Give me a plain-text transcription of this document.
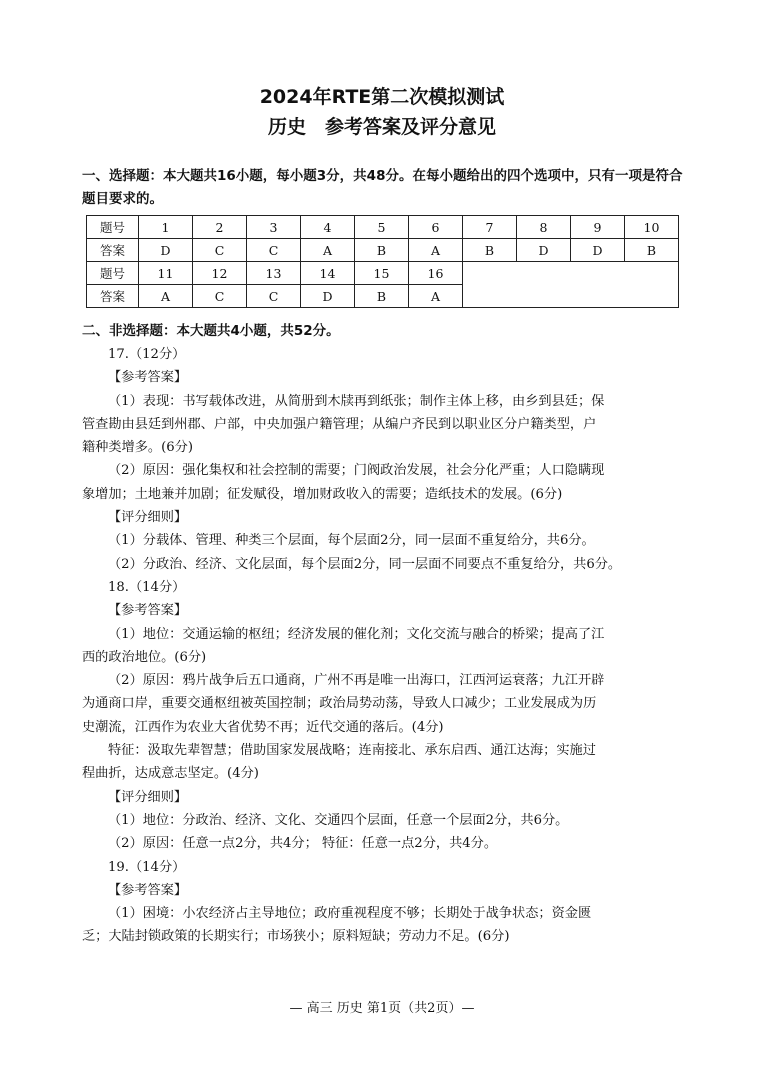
2024年RTE第二次模拟测试
历史　参考答案及评分意见
一、选择题：本大题共16小题，每小题3分，共48分。在每小题给出的四个选项中，只有一项是符合题目要求的。
题号	1	2	3	4	5	6	7	8	9	10
答案	D	C	C	A	B	A	B	D	D	B
题号	11	12	13	14	15	16				
答案	A	C	C	D	B	A				
二、非选择题：本大题共4小题，共52分。
17.（12分）
【参考答案】
（1）表现：书写载体改进，从简册到木牍再到纸张；制作主体上移，由乡到县廷；保
管查勘由县廷到州郡、户部，中央加强户籍管理；从编户齐民到以职业区分户籍类型，户
籍种类增多。(6分)
（2）原因：强化集权和社会控制的需要；门阀政治发展，社会分化严重；人口隐瞒现
象增加；土地兼并加剧；征发赋役，增加财政收入的需要；造纸技术的发展。(6分)
【评分细则】
（1）分载体、管理、种类三个层面，每个层面2分，同一层面不重复给分，共6分。
（2）分政治、经济、文化层面，每个层面2分，同一层面不同要点不重复给分，共6分。
18.（14分）
【参考答案】
（1）地位：交通运输的枢纽；经济发展的催化剂；文化交流与融合的桥梁；提高了江
西的政治地位。(6分)
（2）原因：鸦片战争后五口通商，广州不再是唯一出海口，江西河运衰落；九江开辟
为通商口岸，重要交通枢纽被英国控制；政治局势动荡，导致人口减少；工业发展成为历
史潮流，江西作为农业大省优势不再；近代交通的落后。(4分)
特征：汲取先辈智慧；借助国家发展战略；连南接北、承东启西、通江达海；实施过
程曲折，达成意志坚定。(4分)
【评分细则】
（1）地位：分政治、经济、文化、交通四个层面，任意一个层面2分，共6分。
（2）原因：任意一点2分，共4分； 特征：任意一点2分，共4分。
19.（14分）
【参考答案】
（1）困境：小农经济占主导地位；政府重视程度不够；长期处于战争状态；资金匮
乏；大陆封锁政策的长期实行；市场狭小；原料短缺；劳动力不足。(6分)
— 高三 历史 第1页（共2页）—
